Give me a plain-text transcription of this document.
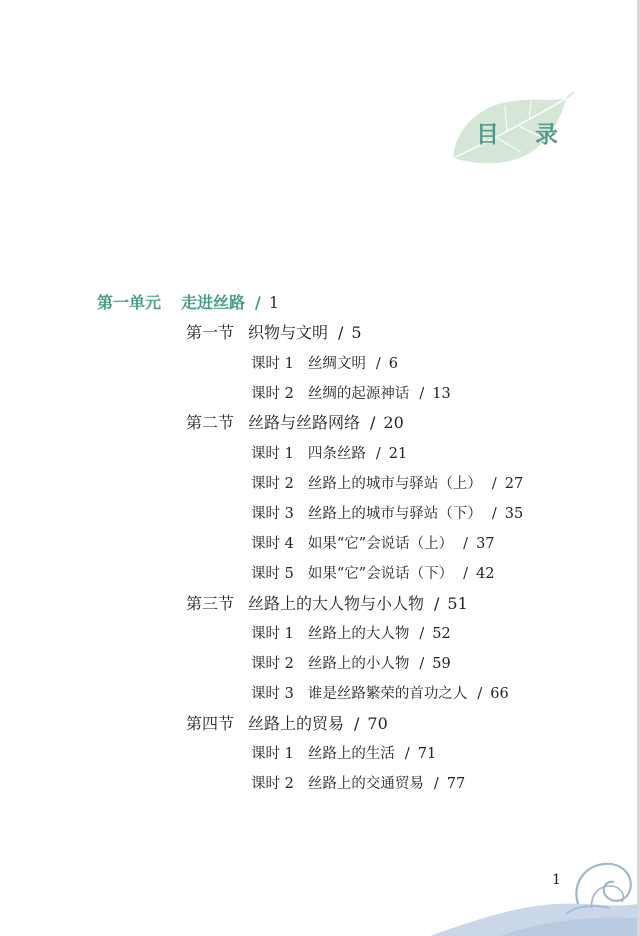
目 录
第一单元 走进丝路 / 1
第一节 织物与文明 / 5
课时 1 丝绸文明 / 6
课时 2 丝绸的起源神话 / 13
第二节 丝路与丝路网络 / 20
课时 1 四条丝路 / 21
课时 2 丝路上的城市与驿站（上） / 27
课时 3 丝路上的城市与驿站（下） / 35
课时 4 如果“它”会说话（上） / 37
课时 5 如果“它”会说话（下） / 42
第三节 丝路上的大人物与小人物 / 51
课时 1 丝路上的大人物 / 52
课时 2 丝路上的小人物 / 59
课时 3 谁是丝路繁荣的首功之人 / 66
第四节 丝路上的贸易 / 70
课时 1 丝路上的生活 / 71
课时 2 丝路上的交通贸易 / 77
1
